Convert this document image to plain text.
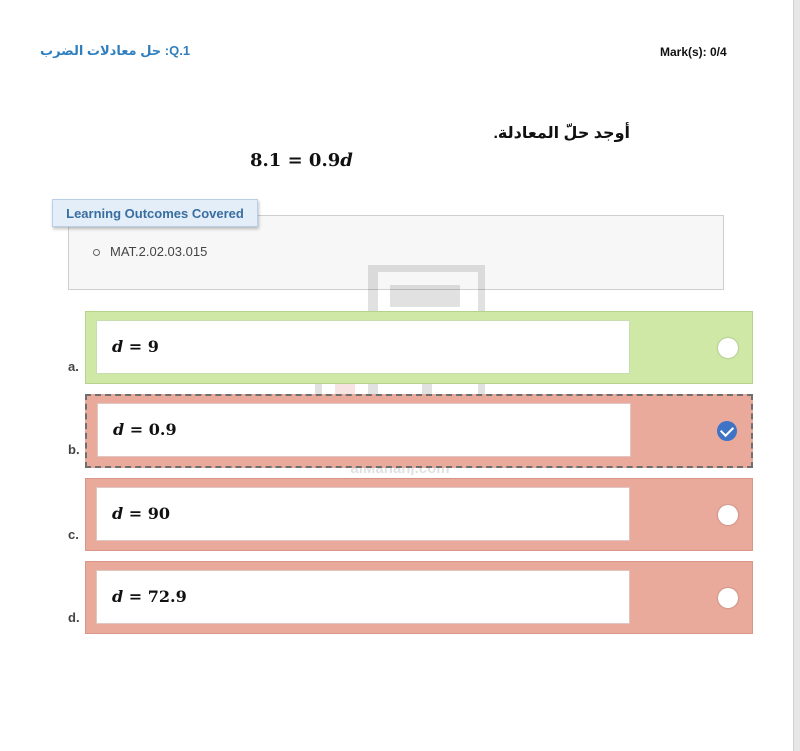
حل معادلات الضرب :Q.1	Mark(s): 0/4
أوجد حلّ المعادلة.
8.1 = 0.9d
Learning Outcomes Covered
MAT.2.02.03.015
d = 9
a.
d = 0.9
b.
d = 90
c.
d = 72.9
d.
